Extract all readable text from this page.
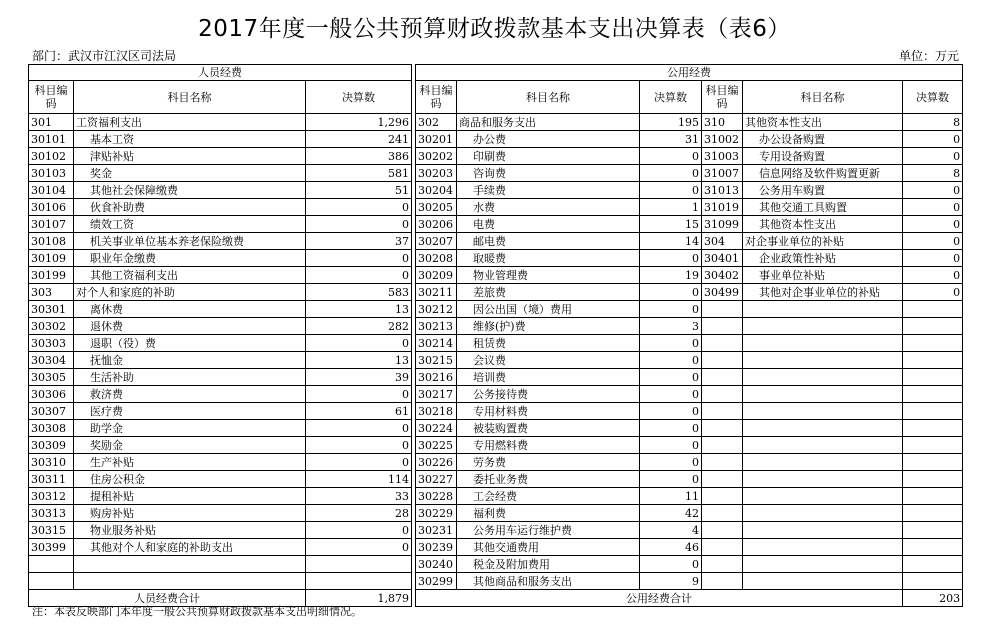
2017年度一般公共预算财政拨款基本支出决算表（表6）
部门：武汉市江汉区司法局	单位：万元
人员经费				公用经费					
科目编码	科目名称	决算数		科目编码	科目名称	决算数	科目编码	科目名称	决算数
301	工资福利支出	1,296		302	商品和服务支出	195	310	其他资本性支出	8
30101	基本工资	241		30201	办公费	31	31002	办公设备购置	0
30102	津贴补贴	386		30202	印刷费	0	31003	专用设备购置	0
30103	奖金	581		30203	咨询费	0	31007	信息网络及软件购置更新	8
30104	其他社会保障缴费	51		30204	手续费	0	31013	公务用车购置	0
30106	伙食补助费	0		30205	水费	1	31019	其他交通工具购置	0
30107	绩效工资	0		30206	电费	15	31099	其他资本性支出	0
30108	机关事业单位基本养老保险缴费	37		30207	邮电费	14	304	对企事业单位的补贴	0
30109	职业年金缴费	0		30208	取暖费	0	30401	企业政策性补贴	0
30199	其他工资福利支出	0		30209	物业管理费	19	30402	事业单位补贴	0
303	对个人和家庭的补助	583		30211	差旅费	0	30499	其他对企事业单位的补贴	0
30301	离休费	13		30212	因公出国（境）费用	0			
30302	退休费	282		30213	维修(护)费	3			
30303	退职（役）费	0		30214	租赁费	0			
30304	抚恤金	13		30215	会议费	0			
30305	生活补助	39		30216	培训费	0			
30306	救济费	0		30217	公务接待费	0			
30307	医疗费	61		30218	专用材料费	0			
30308	助学金	0		30224	被装购置费	0			
30309	奖励金	0		30225	专用燃料费	0			
30310	生产补贴	0		30226	劳务费	0			
30311	住房公积金	114		30227	委托业务费	0			
30312	提租补贴	33		30228	工会经费	11			
30313	购房补贴	28		30229	福利费	42			
30315	物业服务补贴	0		30231	公务用车运行维护费	4			
30399	其他对个人和家庭的补助支出	0		30239	其他交通费用	46			
				30240	税金及附加费用	0			
				30299	其他商品和服务支出	9			
人员经费合计		1,879		公用经费合计					203
注：本表反映部门本年度一般公共预算财政拨款基本支出明细情况。
